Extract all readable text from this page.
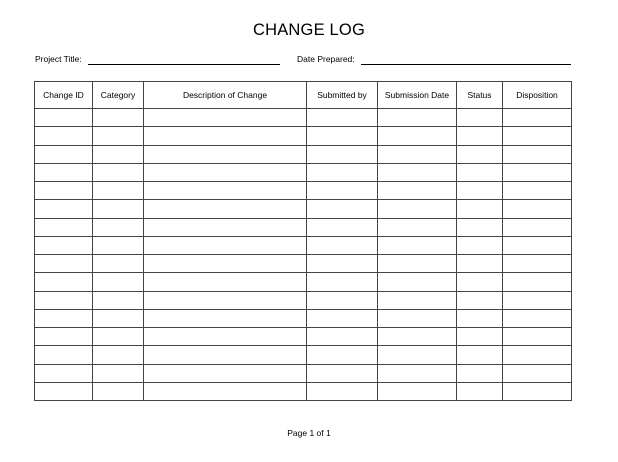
CHANGE LOG
Project Title:	Date Prepared:
Change ID	Category	Description of Change	Submitted by	Submission Date	Status	Disposition

Page 1 of 1
